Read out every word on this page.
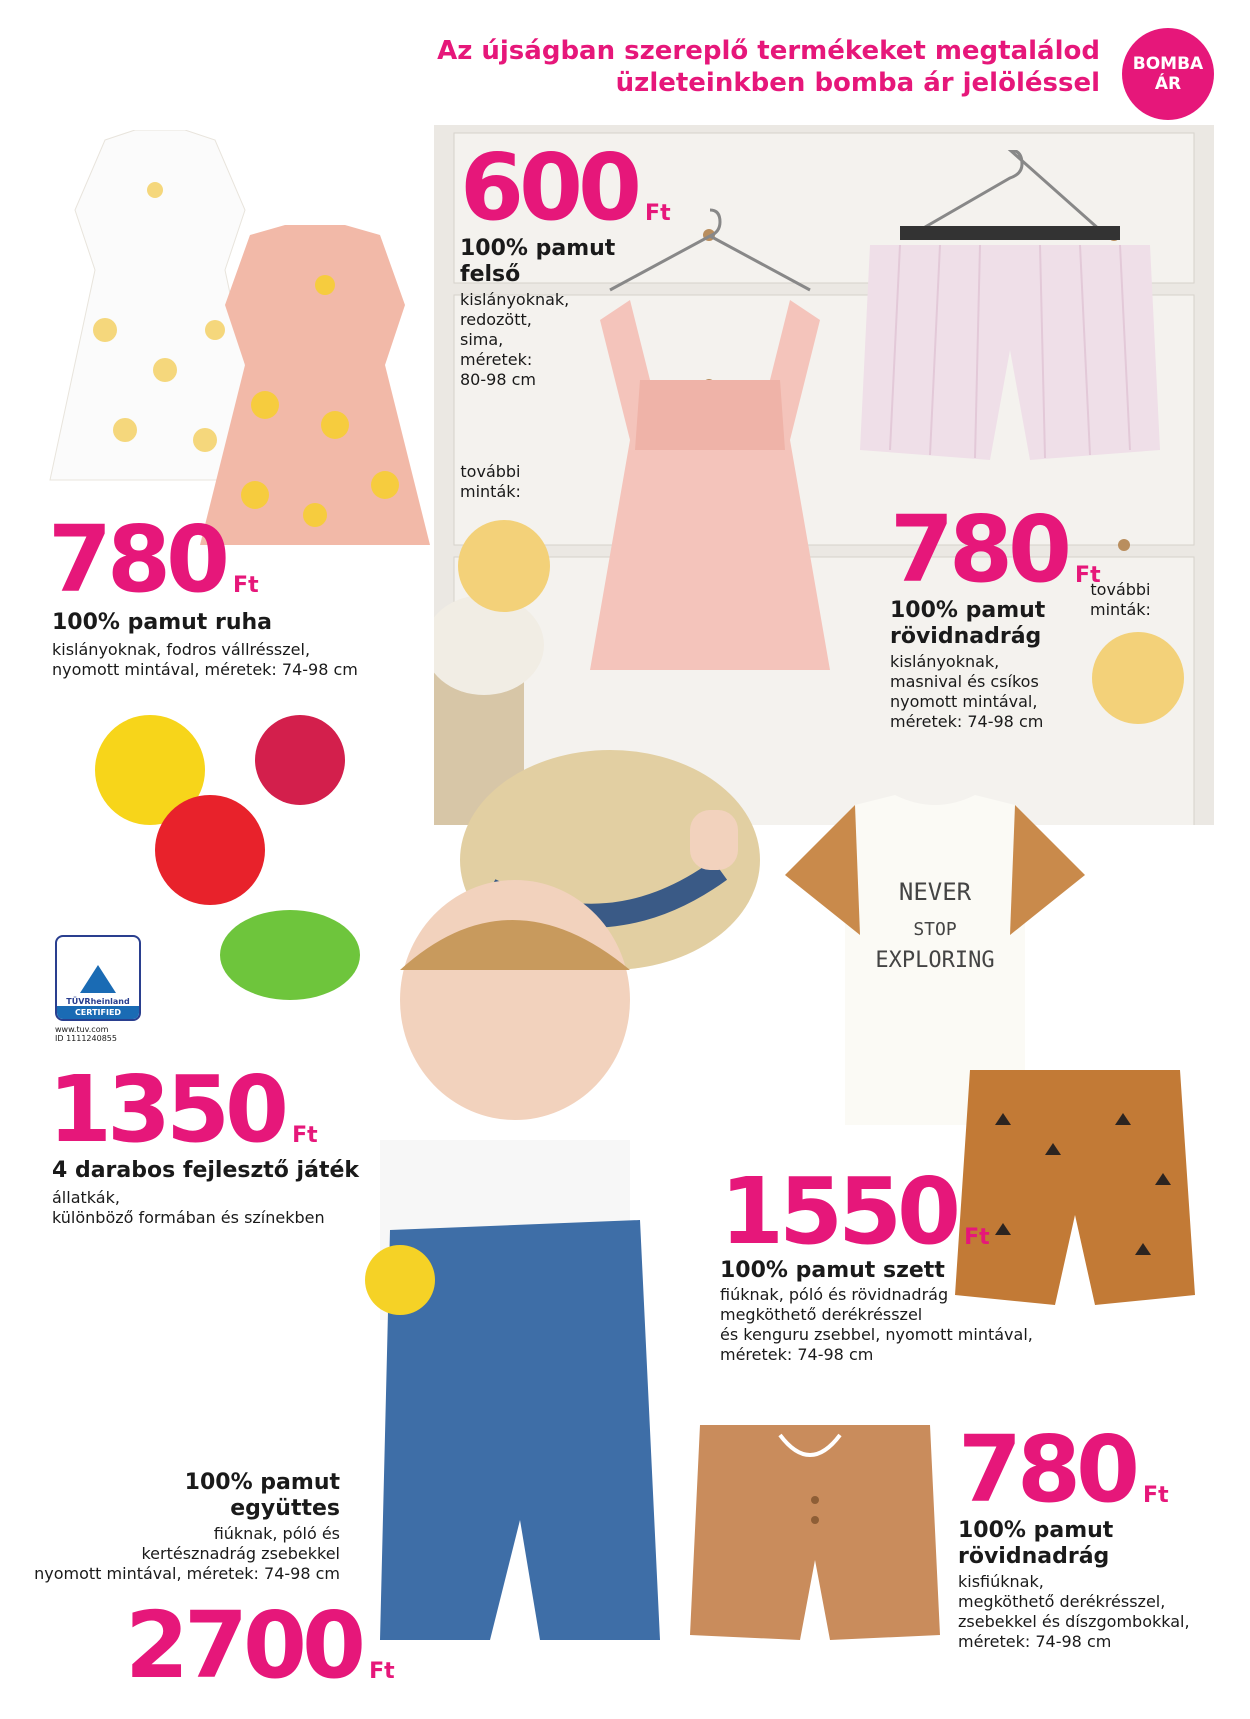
Az újságban szereplő termékeket megtalálod
üzleteinkben bomba ár jelöléssel
BOMBA
ÁR
TÜVRheinland
CERTIFIED
www.tuv.com
ID 1111240855
NEVER
STOP
EXPLORING
600 Ft
100% pamut
felső
kislányoknak,
redozött,
sima,
méretek:
80-98 cm
további
minták:
780 Ft
100% pamut ruha
kislányoknak, fodros vállrésszel,
nyomott mintával, méretek: 74-98 cm
780 Ft
100% pamut
rövidnadrág
kislányoknak,
masnival és csíkos
nyomott mintával,
méretek: 74-98 cm
további
minták:
1350 Ft
4 darabos fejlesztő játék
állatkák,
különböző formában és színekben	1550 Ft
100% pamut szett
fiúknak, póló és rövidnadrág
megköthető derékrésszel
és kenguru zsebbel, nyomott mintával,
méretek: 74-98 cm
100% pamut
együttes
fiúknak, póló és
kertésznadrág zsebekkel
nyomott mintával, méretek: 74-98 cm
2700 Ft
780 Ft
100% pamut
rövidnadrág
kisfiúknak,
megköthető derékrésszel,
zsebekkel és díszgombokkal,
méretek: 74-98 cm
